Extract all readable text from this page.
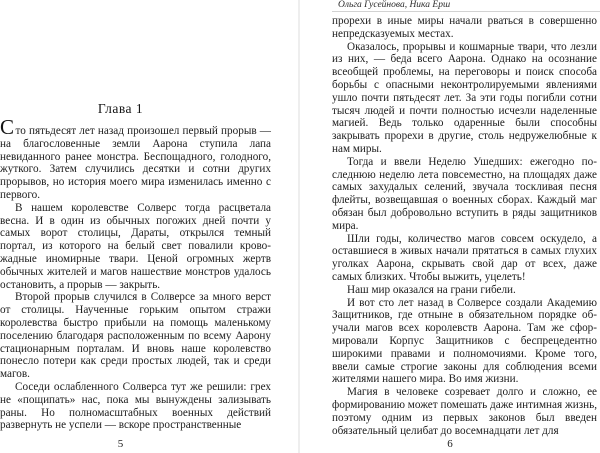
Глава 1

Сто пятьдесят лет назад произошел первый прорыв — на благословенные земли Аарона ступила лапа невиданного ранее монстра. Беспощадного, голодного, жуткого. Затем случились десятки и сотни других прорывов, но история моего мира изменилась именно с первого.

В нашем королевстве Солверс тогда расцветала весна. И в один из обычных погожих дней почти у самых ворот столицы, Дараты, открылся темный портал, из которого на белый свет повалили кровожадные иномирные твари. Ценой огромных жертв обычных жителей и магов нашествие монстров удалось остановить, а прорыв — закрыть.

Второй прорыв случился в Солверсе за много верст от столицы. Наученные горьким опытом стражи королевства быстро прибыли на помощь маленькому поселению благодаря расположенным по всему Аарону стационарным порталам. И вновь наше королевство понесло потери как среди простых людей, так и среди магов.

Соседи ослабленного Солверса тут же решили: грех не «пощипать» нас, пока мы вынуждены зализывать раны. Но полномасштабных военных действий развернуть не успели — вскоре пространственные

5
Ольга Гусейнова, Ника Ёрш

прорехи в иные миры начали рваться в совершенно непредсказуемых местах.

Оказалось, прорывы и кошмарные твари, что лезли из них, — беда всего Аарона. Однако на осознание всеобщей проблемы, на переговоры и поиск способа борьбы с опасными неконтролируемыми явлениями ушло почти пятьдесят лет. За эти годы погибли сотни тысяч людей и почти полностью исчезли наделенные магией. Ведь только одаренные были способны закрывать прорехи в другие, столь недружелюбные к нам миры.

Тогда и ввели Неделю Ушедших: ежегодно последнюю неделю лета повсеместно, на площадях даже самых захудалых селений, звучала тоскливая песня флейты, возвещавшая о военных сборах. Каждый маг обязан был добровольно вступить в ряды защитников мира.

Шли годы, количество магов совсем оскудело, а оставшиеся в живых начали прятаться в самых глухих уголках Аарона, скрывать свой дар от всех, даже самых близких. Чтобы выжить, уцелеть!

Наш мир оказался на грани гибели.

И вот сто лет назад в Солверсе создали Академию Защитников, где отныне в обязательном порядке обучали магов всех королевств Аарона. Там же сформировали Корпус Защитников с беспрецедентно широкими правами и полномочиями. Кроме того, ввели самые строгие законы для соблюдения всеми жителями нашего мира. Во имя жизни.

Магия в человеке созревает долго и сложно, ее формированию может помешать даже интимная жизнь, поэтому одним из первых законов был введен обязательный целибат до восемнадцати лет для

6
